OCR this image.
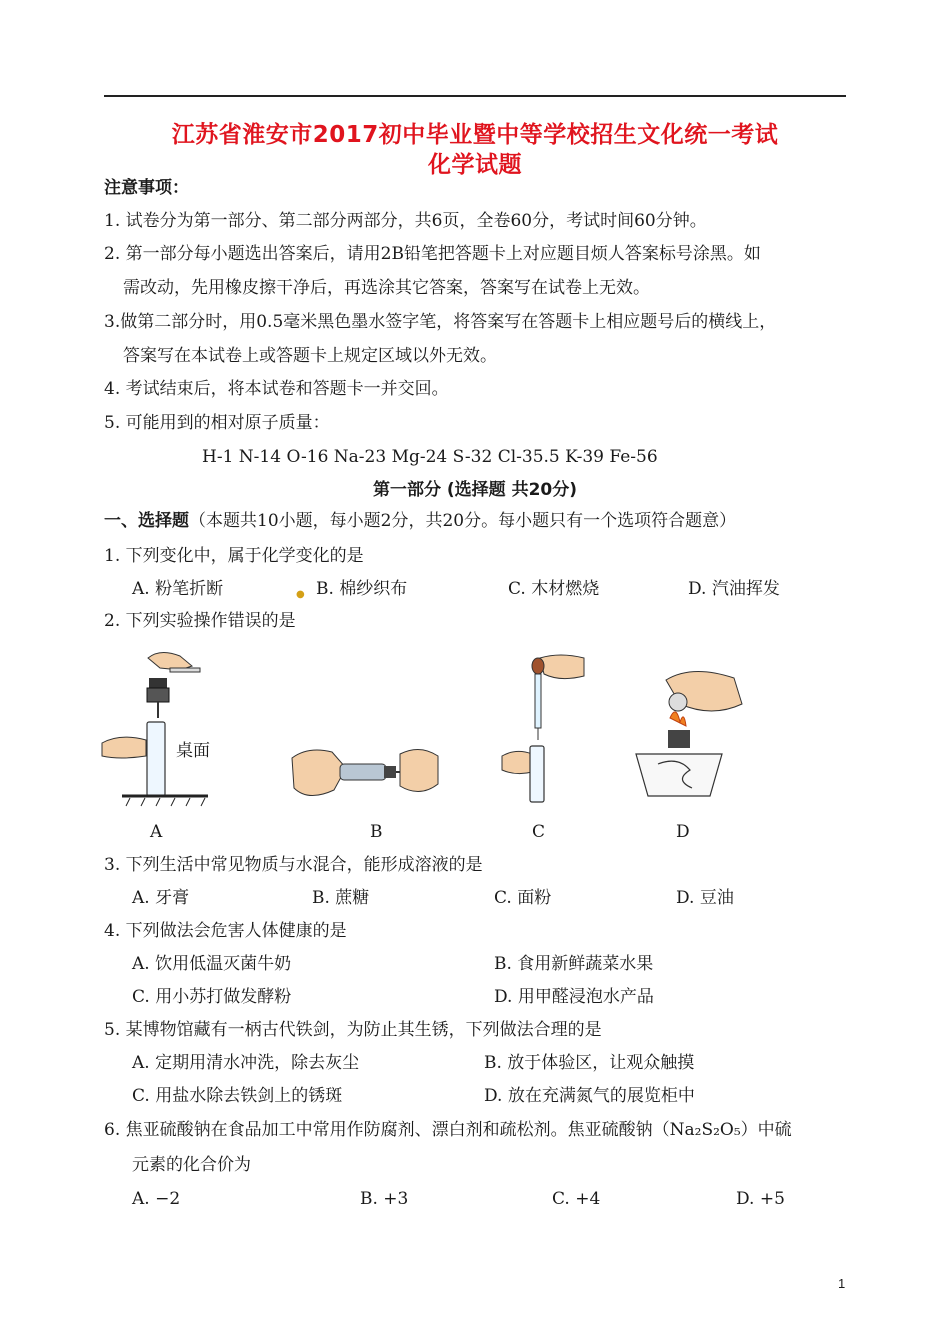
江苏省淮安市2017初中毕业暨中等学校招生文化统一考试
化学试题
注意事项：
1. 试卷分为第一部分、第二部分两部分，共6页，全卷60分，考试时间60分钟。
2. 第一部分每小题选出答案后，请用2B铅笔把答题卡上对应题目烦人答案标号涂黑。如
需改动，先用橡皮擦干净后，再选涂其它答案，答案写在试卷上无效。
3.做第二部分时，用0.5毫米黑色墨水签字笔，将答案写在答题卡上相应题号后的横线上，
答案写在本试卷上或答题卡上规定区域以外无效。
4. 考试结束后，将本试卷和答题卡一并交回。
5. 可能用到的相对原子质量：
H-1 N-14 O-16 Na-23 Mg-24 S-32 Cl-35.5 K-39 Fe-56
第一部分 (选择题 共20分)
一、选择题（本题共10小题，每小题2分，共20分。每小题只有一个选项符合题意）
1. 下列变化中，属于化学变化的是
A. 粉笔折断	● B. 棉纱织布	C. 木材燃烧	D. 汽油挥发
2. 下列实验操作错误的是
桌面
A	B	C	D
3. 下列生活中常见物质与水混合，能形成溶液的是
A. 牙膏	B. 蔗糖	C. 面粉	D. 豆油
4. 下列做法会危害人体健康的是
A. 饮用低温灭菌牛奶	B. 食用新鲜蔬菜水果
C. 用小苏打做发酵粉	D. 用甲醛浸泡水产品
5. 某博物馆藏有一柄古代铁剑，为防止其生锈，下列做法合理的是
A. 定期用清水冲洗，除去灰尘	B. 放于体验区，让观众触摸
C. 用盐水除去铁剑上的锈斑	D. 放在充满氮气的展览柜中
6. 焦亚硫酸钠在食品加工中常用作防腐剂、漂白剂和疏松剂。焦亚硫酸钠（Na₂S₂O₅）中硫
元素的化合价为
A. −2	B. +3	C. +4	D. +5
1
